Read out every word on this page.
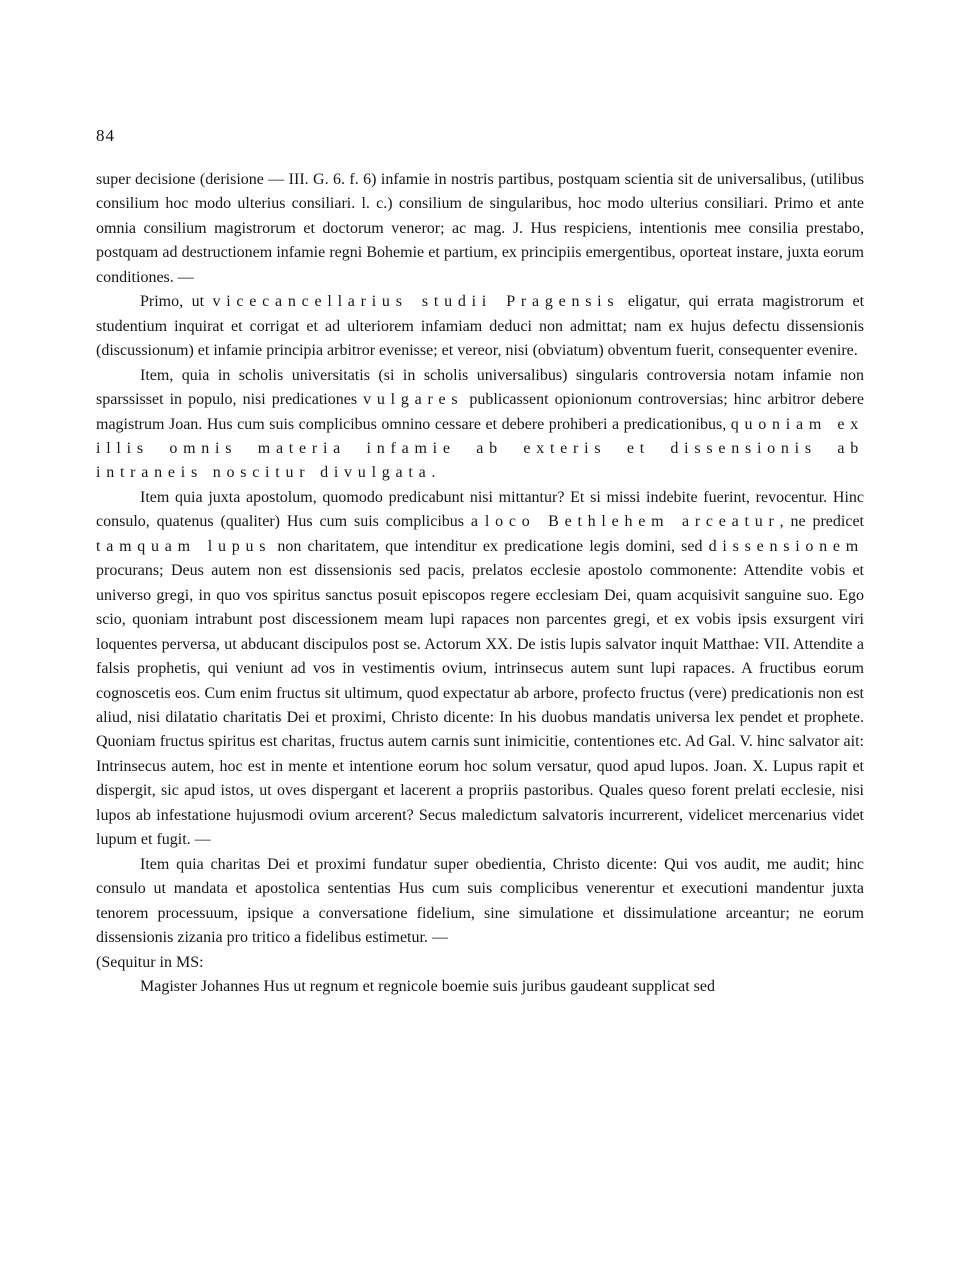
84

super decisione (derisione — III. G. 6. f. 6) infamie in nostris partibus, postquam scientia sit de universalibus, (utilibus consilium hoc modo ulterius consiliari. l. c.) consilium de singularibus, hoc modo ulterius consiliari. Primo et ante omnia consilium magistrorum et doctorum veneror; ac mag. J. Hus respiciens, intentionis mee consilia prestabo, postquam ad destructionem infamie regni Bohemie et partium, ex principiis emergentibus, oporteat instare, juxta eorum conditiones. —

Primo, ut vicecancellarius studii Pragensis eligatur, qui errata magistrorum et studentium inquirat et corrigat et ad ulteriorem infamiam deduci non admittat; nam ex hujus defectu dissensionis (discussionum) et infamie principia arbitror evenisse; et vereor, nisi (obviatum) obventum fuerit, consequenter evenire.

Item, quia in scholis universitatis (si in scholis universalibus) singularis controversia notam infamie non sparssisset in populo, nisi predicationes vulgares publicassent opionionum controversias; hinc arbitror debere magistrum Joan. Hus cum suis complicibus omnino cessare et debere prohiberi a predicationibus, quoniam ex illis omnis materia infamie ab exteris et dissensionis ab intraneis noscitur divulgata.

Item quia juxta apostolum, quomodo predicabunt nisi mittantur? Et si missi indebite fuerint, revocentur. Hinc consulo, quatenus (qualiter) Hus cum suis complicibus a loco Bethlehem arceatur, ne predicet tamquam lupus non charitatem, que intenditur ex predicatione legis domini, sed dissensionem procurans; Deus autem non est dissensionis sed pacis, prelatos ecclesie apostolo commonente: Attendite vobis et universo gregi, in quo vos spiritus sanctus posuit episcopos regere ecclesiam Dei, quam acquisivit sanguine suo. Ego scio, quoniam intrabunt post discessionem meam lupi rapaces non parcentes gregi, et ex vobis ipsis exsurgent viri loquentes perversa, ut abducant discipulos post se. Actorum XX. De istis lupis salvator inquit Matthae: VII. Attendite a falsis prophetis, qui veniunt ad vos in vestimentis ovium, intrinsecus autem sunt lupi rapaces. A fructibus eorum cognoscetis eos. Cum enim fructus sit ultimum, quod expectatur ab arbore, profecto fructus (vere) predicationis non est aliud, nisi dilatatio charitatis Dei et proximi, Christo dicente: In his duobus mandatis universa lex pendet et prophete. Quoniam fructus spiritus est charitas, fructus autem carnis sunt inimicitie, contentiones etc. Ad Gal. V. hinc salvator ait: Intrinsecus autem, hoc est in mente et intentione eorum hoc solum versatur, quod apud lupos. Joan. X. Lupus rapit et dispergit, sic apud istos, ut oves dispergant et lacerent a propriis pastoribus. Quales queso forent prelati ecclesie, nisi lupos ab infestatione hujusmodi ovium arcerent? Secus maledictum salvatoris incurrerent, videlicet mercenarius videt lupum et fugit. —

Item quia charitas Dei et proximi fundatur super obedientia, Christo dicente: Qui vos audit, me audit; hinc consulo ut mandata et apostolica sententias Hus cum suis complicibus venerentur et executioni mandentur juxta tenorem processuum, ipsique a conversatione fidelium, sine simulatione et dissimulatione arceantur; ne eorum dissensionis zizania pro tritico a fidelibus estimetur. —

(Sequitur in MS:

Magister Johannes Hus ut regnum et regnicole boemie suis juribus gaudeant supplicat sed
